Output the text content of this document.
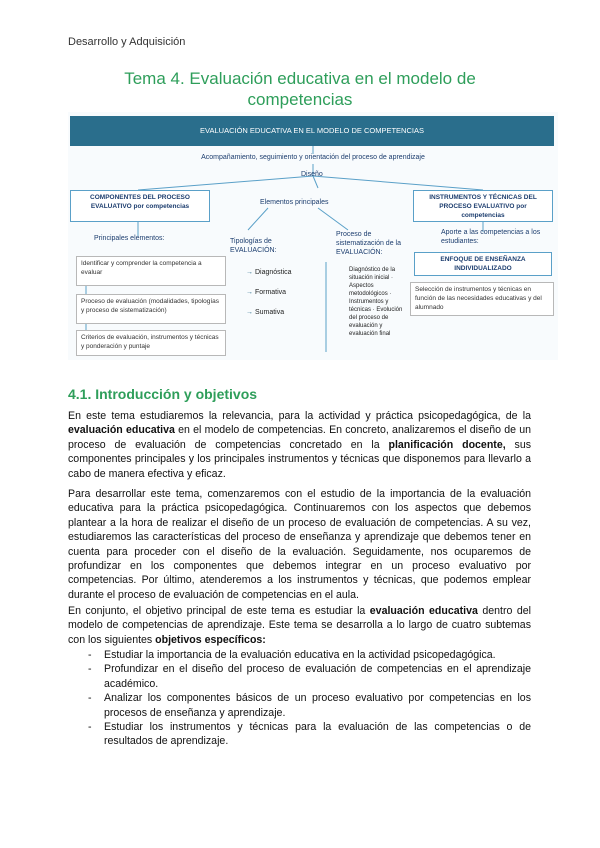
Desarrollo y Adquisición
Tema 4. Evaluación educativa en el modelo de
competencias
EVALUACIÓN EDUCATIVA EN EL MODELO DE COMPETENCIAS
Acompañamiento, seguimiento y orientación del proceso de aprendizaje
Diseño
COMPONENTES DEL PROCESO EVALUATIVO por competencias
Elementos principales
INSTRUMENTOS Y TÉCNICAS DEL PROCESO EVALUATIVO por competencias
Principales elementos:
Identificar y comprender la competencia a evaluar
Proceso de evaluación (modalidades, tipologías y proceso de sistematización)
Criterios de evaluación, instrumentos y técnicas y ponderación y puntaje
Tipologías de EVALUACIÓN:
→ Diagnóstica
→ Formativa
→ Sumativa
Proceso de sistematización de la EVALUACIÓN:
Diagnóstico de la situación inicial · Aspectos metodológicos · Instrumentos y técnicas · Evolución del proceso de evaluación y evaluación final
Aporte a las competencias a los estudiantes:
ENFOQUE DE ENSEÑANZA INDIVIDUALIZADO
Selección de instrumentos y técnicas en función de las necesidades educativas y del alumnado
4.1. Introducción y objetivos
En este tema estudiaremos la relevancia, para la actividad y práctica psicopedagógica, de la evaluación educativa en el modelo de competencias. En concreto, analizaremos el diseño de un proceso de evaluación de competencias concretado en la planificación docente, sus componentes principales y los principales instrumentos y técnicas que disponemos para llevarlo a cabo de manera efectiva y eficaz.
Para desarrollar este tema, comenzaremos con el estudio de la importancia de la evaluación educativa para la práctica psicopedagógica. Continuaremos con los aspectos que debemos plantear a la hora de realizar el diseño de un proceso de evaluación de competencias. A su vez, estudiaremos las características del proceso de enseñanza y aprendizaje que debemos tener en cuenta para proceder con el diseño de la evaluación. Seguidamente, nos ocuparemos de profundizar en los componentes que debemos integrar en un proceso evaluativo por competencias. Por último, atenderemos a los instrumentos y técnicas, que podemos emplear durante el proceso de evaluación de competencias en el aula.
En conjunto, el objetivo principal de este tema es estudiar la evaluación educativa dentro del modelo de competencias de aprendizaje. Este tema se desarrolla a lo largo de cuatro subtemas con los siguientes objetivos específicos:
- Estudiar la importancia de la evaluación educativa en la actividad psicopedagógica.
- Profundizar en el diseño del proceso de evaluación de competencias en el aprendizaje académico.
- Analizar los componentes básicos de un proceso evaluativo por competencias en los procesos de enseñanza y aprendizaje.
- Estudiar los instrumentos y técnicas para la evaluación de las competencias o de resultados de aprendizaje.
